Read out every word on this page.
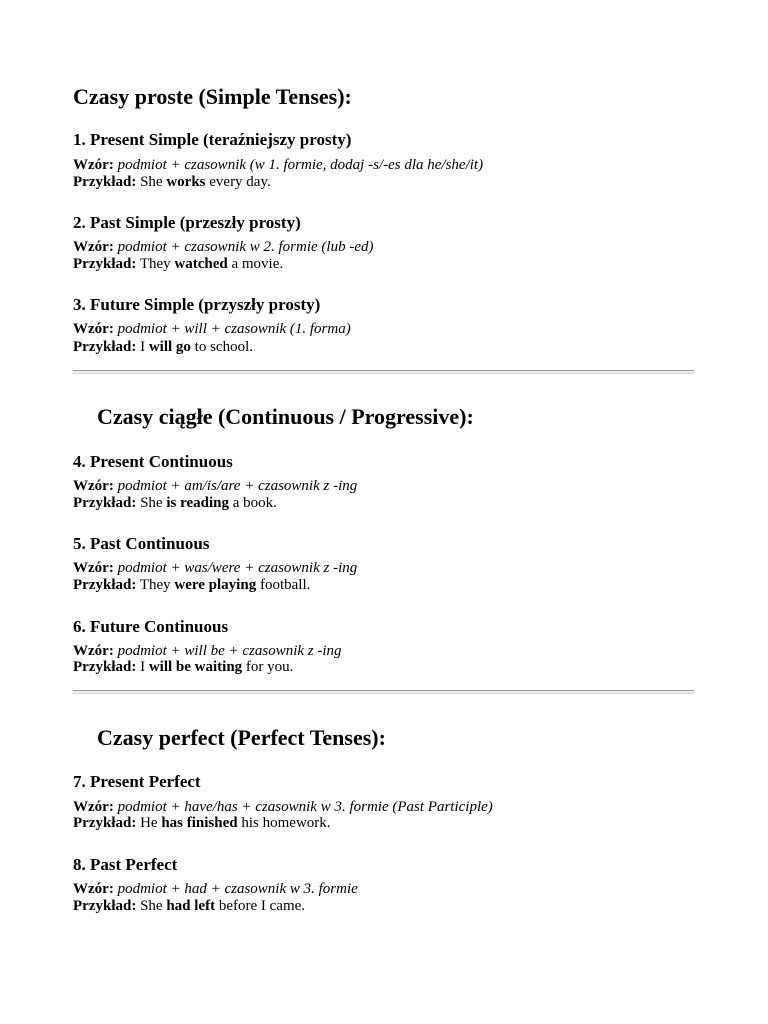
Czasy proste (Simple Tenses):
1. Present Simple (teraźniejszy prosty)
Wzór: podmiot + czasownik (w 1. formie, dodaj -s/-es dla he/she/it)
Przykład: She works every day.
2. Past Simple (przeszły prosty)
Wzór: podmiot + czasownik w 2. formie (lub -ed)
Przykład: They watched a movie.
3. Future Simple (przyszły prosty)
Wzór: podmiot + will + czasownik (1. forma)
Przykład: I will go to school.
Czasy ciągłe (Continuous / Progressive):
4. Present Continuous
Wzór: podmiot + am/is/are + czasownik z -ing
Przykład: She is reading a book.
5. Past Continuous
Wzór: podmiot + was/were + czasownik z -ing
Przykład: They were playing football.
6. Future Continuous
Wzór: podmiot + will be + czasownik z -ing
Przykład: I will be waiting for you.
Czasy perfect (Perfect Tenses):
7. Present Perfect
Wzór: podmiot + have/has + czasownik w 3. formie (Past Participle)
Przykład: He has finished his homework.
8. Past Perfect
Wzór: podmiot + had + czasownik w 3. formie
Przykład: She had left before I came.
